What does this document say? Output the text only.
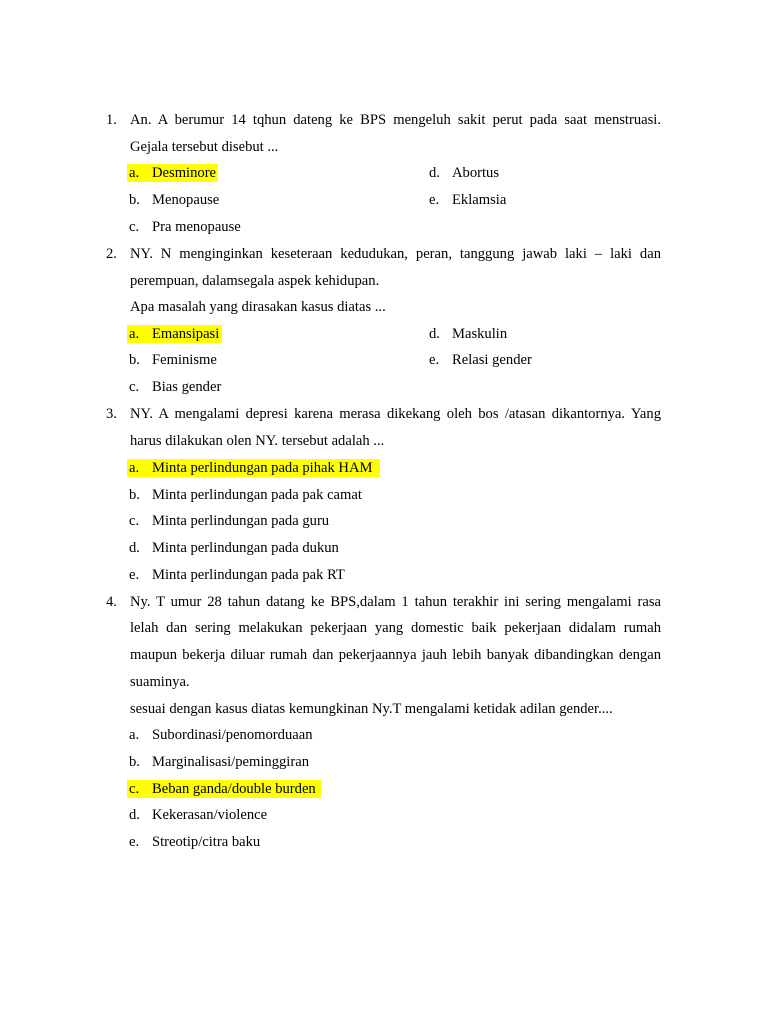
1. An. A berumur 14 tqhun dateng ke BPS mengeluh sakit perut pada saat menstruasi.
Gejala tersebut disebut ...
a. Desminore
b. Menopause
c. Pra menopause
d. Abortus
e. Eklamsia
2. NY. N menginginkan keseteraan kedudukan, peran, tanggung jawab laki – laki dan
perempuan, dalamsegala aspek kehidupan.
Apa masalah yang dirasakan kasus diatas ...
a. Emansipasi
b. Feminisme
c. Bias gender
d. Maskulin
e. Relasi gender
3. NY. A mengalami depresi karena merasa dikekang oleh bos /atasan dikantornya. Yang
harus dilakukan olen NY. tersebut adalah ...
a. Minta perlindungan pada pihak HAM
b. Minta perlindungan pada pak camat
c. Minta perlindungan pada guru
d. Minta perlindungan pada dukun
e. Minta perlindungan pada pak RT
4. Ny. T umur 28 tahun datang ke BPS,dalam 1 tahun terakhir ini sering mengalami rasa
lelah dan sering melakukan pekerjaan yang domestic baik pekerjaan didalam rumah
maupun bekerja diluar rumah dan pekerjaannya jauh lebih banyak dibandingkan dengan
suaminya.
sesuai dengan kasus diatas kemungkinan Ny.T mengalami ketidak adilan gender....
a. Subordinasi/penomorduaan
b. Marginalisasi/peminggiran
c. Beban ganda/double burden
d. Kekerasan/violence
e. Streotip/citra baku
